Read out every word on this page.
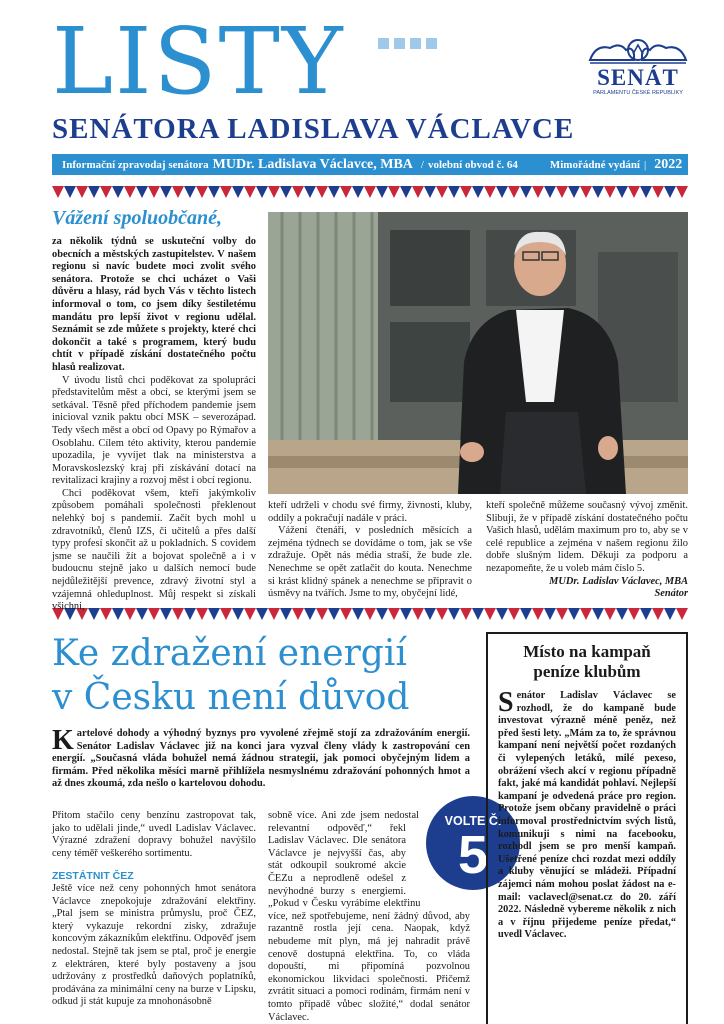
LISTY
SENÁTORA LADISLAVA VÁCLAVCE
SENÁT
PARLAMENTU ČESKÉ REPUBLIKY
Informační zpravodaj senátora MUDr. Ladislava Václavce, MBA / volební obvod č. 64	Mimořádné vydání | 2022
Vážení spoluobčané,

za několik týdnů se uskuteční volby do obecních a městských zastupitelstev. V našem regionu si navíc budete moci zvolit svého senátora. Protože se chci ucházet o Vaši důvěru a hlasy, rád bych Vás v těchto listech informoval o tom, co jsem díky šestiletému mandátu pro lepší život v regionu udělal. Seznámit se zde můžete s projekty, které chci dokončit a také s programem, který budu chtít v případě získání dostatečného počtu hlasů realizovat.

V úvodu listů chci poděkovat za spolupráci představitelům měst a obcí, se kterými jsem se setkával. Těsně před příchodem pandemie jsem inicioval vznik paktu obcí MSK – severozápad. Tedy všech měst a obcí od Opavy po Rýmařov a Osoblahu. Cílem této aktivity, kterou pandemie upozadila, je vyvíjet tlak na ministerstva a Moravskoslezský kraj při získávání dotací na revitalizaci krajiny a rozvoj měst i obcí regionu.

Chci poděkovat všem, kteří jakýmkoliv způsobem pomáhali společnosti překlenout nelehký boj s pandemií. Začít bych mohl u zdravotníků, členů IZS, či učitelů a přes další typy profesí skončit až u pokladních. S covidem jsme se naučili žít a bojovat společně a i v budoucnu stejně jako u dalších nemocí bude nejdůležitější prevence, zdravý životní styl a vzájemná ohleduplnost. Můj respekt si získali všichni,

kteří udrželi v chodu své firmy, živnosti, kluby, oddíly a pokračují nadále v práci.

Vážení čtenáři, v posledních měsících a zejména týdnech se dovídáme o tom, jak se vše zdražuje. Opět nás média straší, že bude zle. Nenechme se opět zatlačit do kouta. Nenechme si krást klidný spánek a nenechme se připravit o úsměvy na tvářích. Jsme to my, obyčejní lidé,

kteří společně můžeme současný vývoj změnit. Slibuji, že v případě získání dostatečného počtu Vašich hlasů, udělám maximum pro to, aby se v celé republice a zejména v našem regionu žilo dobře slušným lidem. Děkuji za podporu a nezapomeňte, že u voleb mám číslo 5.

MUDr. Ladislav Václavec, MBA

Senátor

Ke zdražení energií
v Česku není důvod
Kartelové dohody a výhodný byznys pro vyvolené zřejmě stojí za zdražováním energií. Senátor Ladislav Václavec již na konci jara vyzval členy vlády k zastropování cen energií. „Současná vláda bohužel nemá žádnou strategii, jak pomoci obyčejným lidem a firmám. Před několika měsíci marně přihlížela nesmyslnému zdražování pohonných hmot a až dnes zkoumá, zda nešlo o kartelovou dohodu.

Přitom stačilo ceny benzínu zastropovat tak, jako to udělali jinde,“ uvedl Ladislav Václavec. Výrazné zdražení dopravy bohužel navýšilo ceny téměř veškerého sortimentu.

ZESTÁTNIT ČEZ

Ještě více než ceny pohonných hmot senátora Václavce znepokojuje zdražování elektřiny. „Ptal jsem se ministra průmyslu, proč ČEZ, který vykazuje rekordní zisky, zdražuje koncovým zákazníkům elektřinu. Odpověď jsem nedostal. Stejně tak jsem se ptal, proč je energie z elektráren, které byly postaveny a jsou udržovány z prostředků daňových poplatníků, prodávána za minimální ceny na burze v Lipsku, odkud ji stát kupuje za mnohonásobně

sobně více. Ani zde jsem nedostal relevantní odpověď,“ řekl Ladislav Václavec. Dle senátora Václavce je nejvyšší čas, aby stát odkoupil soukromé akcie ČEZu a neprodleně odešel z nevýhodné burzy s energiemi. „Pokud v Česku vyrábíme elektřinu více, než spotřebujeme, není žádný důvod, aby razantně rostla její cena. Naopak, když nebudeme mít plyn, má jej nahradit právě cenově dostupná elektřina. To, co vláda dopouští, mi připomíná pozvolnou ekonomickou likvidaci společnosti. Přičemž zvrátit situaci a pomoci rodinám, firmám není v tomto případě vůbec složité,“ dodal senátor Václavec.

VOLTE Č.
5
Místo na kampaň peníze klubům
Senátor Ladislav Václavec se rozhodl, že do kampaně bude investovat výrazně méně peněz, než před šesti lety. „Mám za to, že správnou kampaní není největší počet rozdaných či vylepených letáků, milé pexeso, obrážení všech akcí v regionu případně fakt, jaké má kandidát pohlaví. Nejlepší kampaní je odvedená práce pro region. Protože jsem občany pravidelně o práci informoval prostřednictvím svých listů, komunikuji s nimi na facebooku, rozhodl jsem se pro menší kampaň. Ušetřené peníze chci rozdat mezi oddíly a kluby věnující se mládeži. Případní zájemci nám mohou poslat žádost na e-mail: vaclavecl@senat.cz do 20. září 2022. Následně vybereme několik z nich a v říjnu přijedeme peníze předat,“ uvedl Václavec.
